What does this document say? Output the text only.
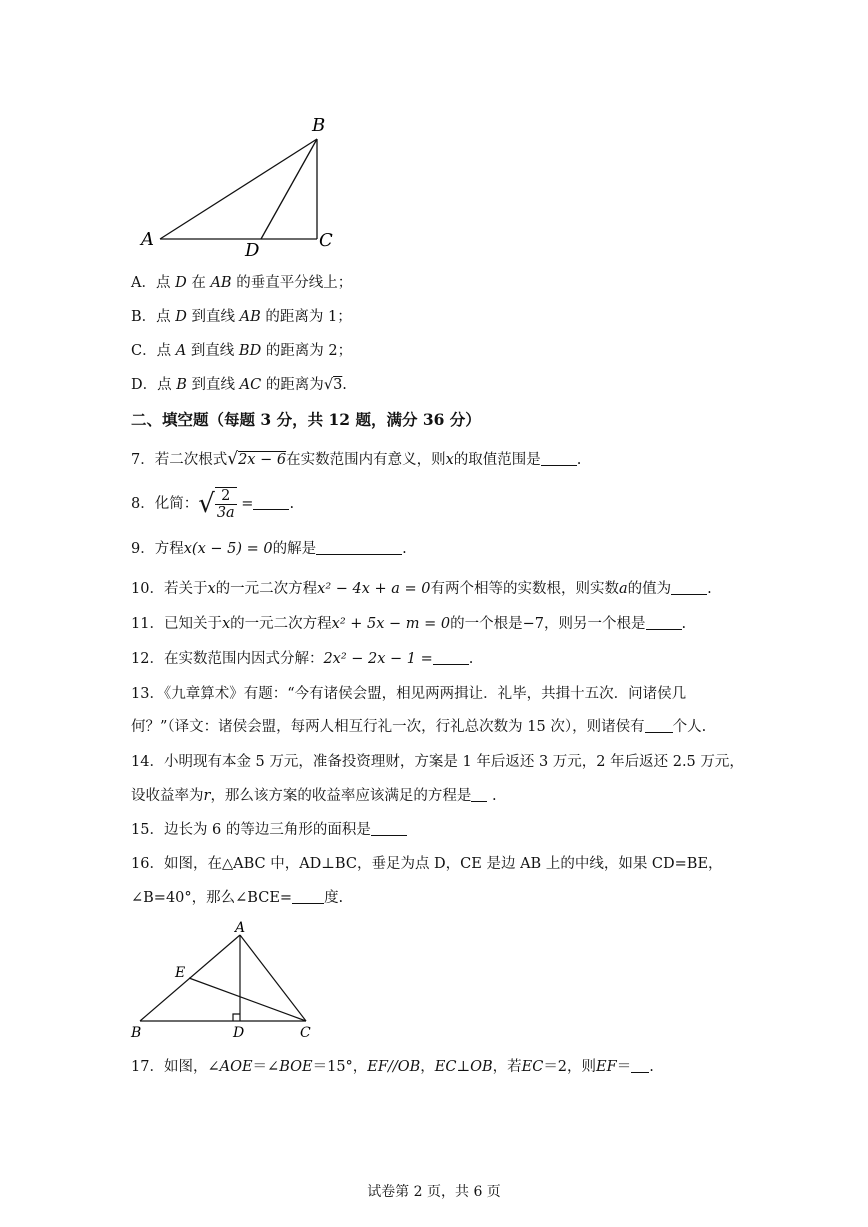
B
A	C
D
A．点 D 在 AB 的垂直平分线上；
B．点 D 到直线 AB 的距离为 1；
C．点 A 到直线 BD 的距离为 2；
D．点 B 到直线 AC 的距离为√3.
二、填空题（每题 3 分，共 12 题，满分 36 分）
7．若二次根式√2x − 6在实数范围内有意义，则x的取值范围是 .
8．化简：√ $\frac{2}{3a}$ = .
9．方程x(x − 5) = 0的解是	.
10．若关于x的一元二次方程x² − 4x + a = 0有两个相等的实数根，则实数a的值为 .
11．已知关于x的一元二次方程x² + 5x − m = 0的一个根是−7，则另一个根是 .
12．在实数范围内因式分解：2x² − 2x − 1 = .
13．《九章算术》有题：“今有诸侯会盟，相见两两揖让．礼毕，共揖十五次．问诸侯几
何？”（译文：诸侯会盟，每两人相互行礼一次，行礼总次数为 15 次），则诸侯有 个人.
14．小明现有本金 5 万元，准备投资理财，方案是 1 年后返还 3 万元，2 年后返还 2.5 万元，
设收益率为r，那么该方案的收益率应该满足的方程是 .
15．边长为 6 的等边三角形的面积是
16．如图，在△ABC 中，AD⊥BC，垂足为点 D，CE 是边 AB 上的中线，如果 CD=BE，
∠B=40°，那么∠BCE= 度.
A
E
B	D	C
17．如图，∠AOE＝∠BOE＝15°，EF//OB，EC⊥OB，若EC＝2，则EF＝ .
试卷第 2 页，共 6 页
